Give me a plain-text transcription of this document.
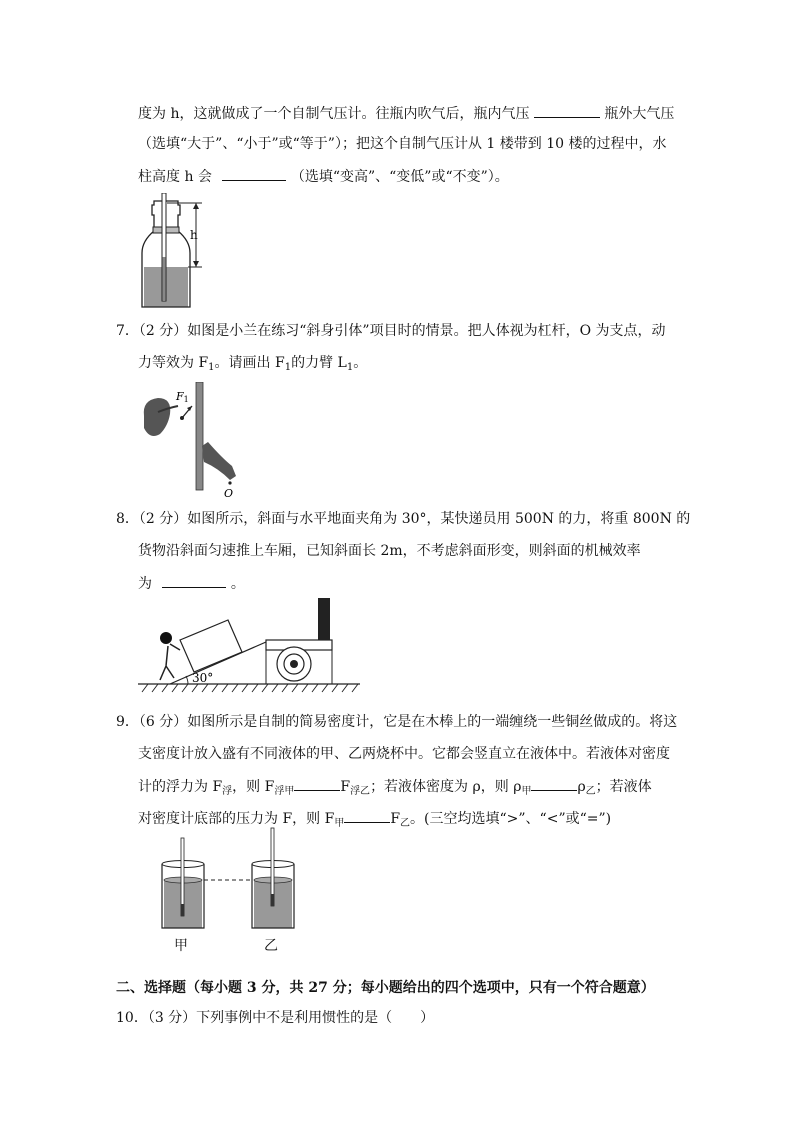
度为 h，这就做成了一个自制气压计。往瓶内吹气后，瓶内气压	瓶外大气压
（选填“大于”、“小于”或“等于”）；把这个自制气压计从 1 楼带到 10 楼的过程中，水
柱高度 h 会	（选填“变高”、“变低”或“不变”）。
h
7．（2 分）如图是小兰在练习“斜身引体”项目时的情景。把人体视为杠杆，O 为支点，动
力等效为 $F_1$。请画出 $F_1$的力臂 $L_1$。
F1
O
8．（2 分）如图所示，斜面与水平地面夹角为 30°，某快递员用 500N 的力，将重 800N 的
货物沿斜面匀速推上车厢，已知斜面长 2m，不考虑斜面形变，则斜面的机械效率
为	。
30°
9．（6 分）如图所示是自制的简易密度计，它是在木棒上的一端缠绕一些铜丝做成的。将这
支密度计放入盛有不同液体的甲、乙两烧杯中。它都会竖直立在液体中。若液体对密度
计的浮力为 $F_浮$，则 $F_{浮甲}$	$F_{浮乙}$；若液体密度为 ρ，则 $\rho_甲$	$\rho_乙$；若液体
对密度计底部的压力为 F，则 $F_甲$	$F_乙$。(三空均选填“>”、“<”或“=”)
甲	乙
二、选择题（每小题 3 分，共 27 分；每小题给出的四个选项中，只有一个符合题意）
10．（3 分）下列事例中不是利用惯性的是（　　）
